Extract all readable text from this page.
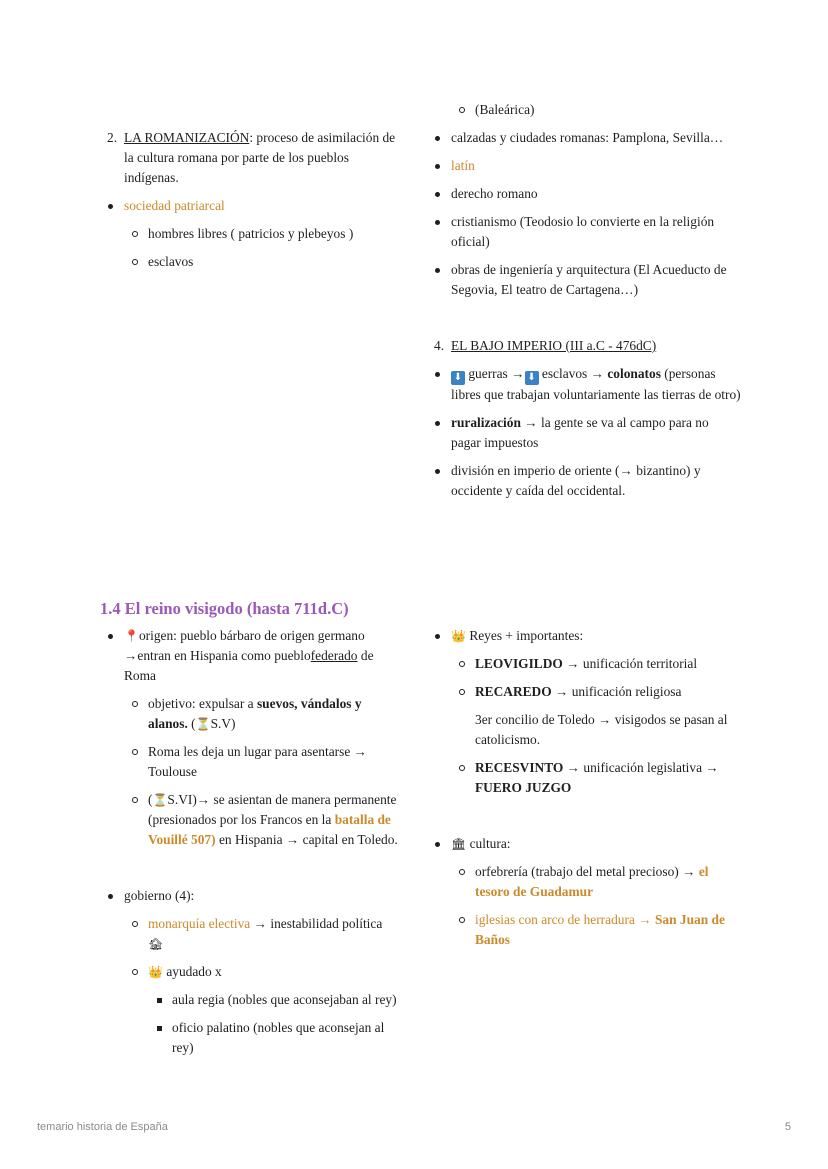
2. LA ROMANIZACIÓN: proceso de asimilación de la cultura romana por parte de los pueblos indígenas.
sociedad patriarcal
hombres libres ( patricios y plebeyos )
esclavos
(Baleárica)
calzadas y ciudades romanas: Pamplona, Sevilla…
latín
derecho romano
cristianismo (Teodosio lo convierte en la religión oficial)
obras de ingeniería y arquitectura (El Acueducto de Segovia, El teatro de Cartagena…)
4. EL BAJO IMPERIO (III a.C - 476dC)
⬇ guerras → ⬇ esclavos → colonatos (personas libres que trabajan voluntariamente las tierras de otro)
ruralización → la gente se va al campo para no pagar impuestos
división en imperio de oriente (→ bizantino) y occidente y caída del occidental.
1.4 El reino visigodo (hasta 711d.C)
📍origen: pueblo bárbaro de origen germano →entran en Hispania como pueblofederado de Roma
objetivo: expulsar a suevos, vándalos y alanos. (⏳S.V)
Roma les deja un lugar para asentarse → Toulouse
(⏳S.VI)→ se asientan de manera permanente (presionados por los Francos en la batalla de Vouillé 507) en Hispania → capital en Toledo.
gobierno (4):
monarquía electiva → inestabilidad política
🏚
👑 ayudado x
aula regia (nobles que aconsejaban al rey)
oficio palatino (nobles que aconsejan al rey)
👑 Reyes + importantes:
LEOVIGILDO → unificación territorial
RECAREDO → unificación religiosa
3er concilio de Toledo → visigodos se pasan al catolicismo.
RECESVINTO → unificación legislativa → FUERO JUZGO
🏛 cultura:
orfebrería (trabajo del metal precioso) → el tesoro de Guadamur
iglesias con arco de herradura → San Juan de Baños
temario historia de España	5
